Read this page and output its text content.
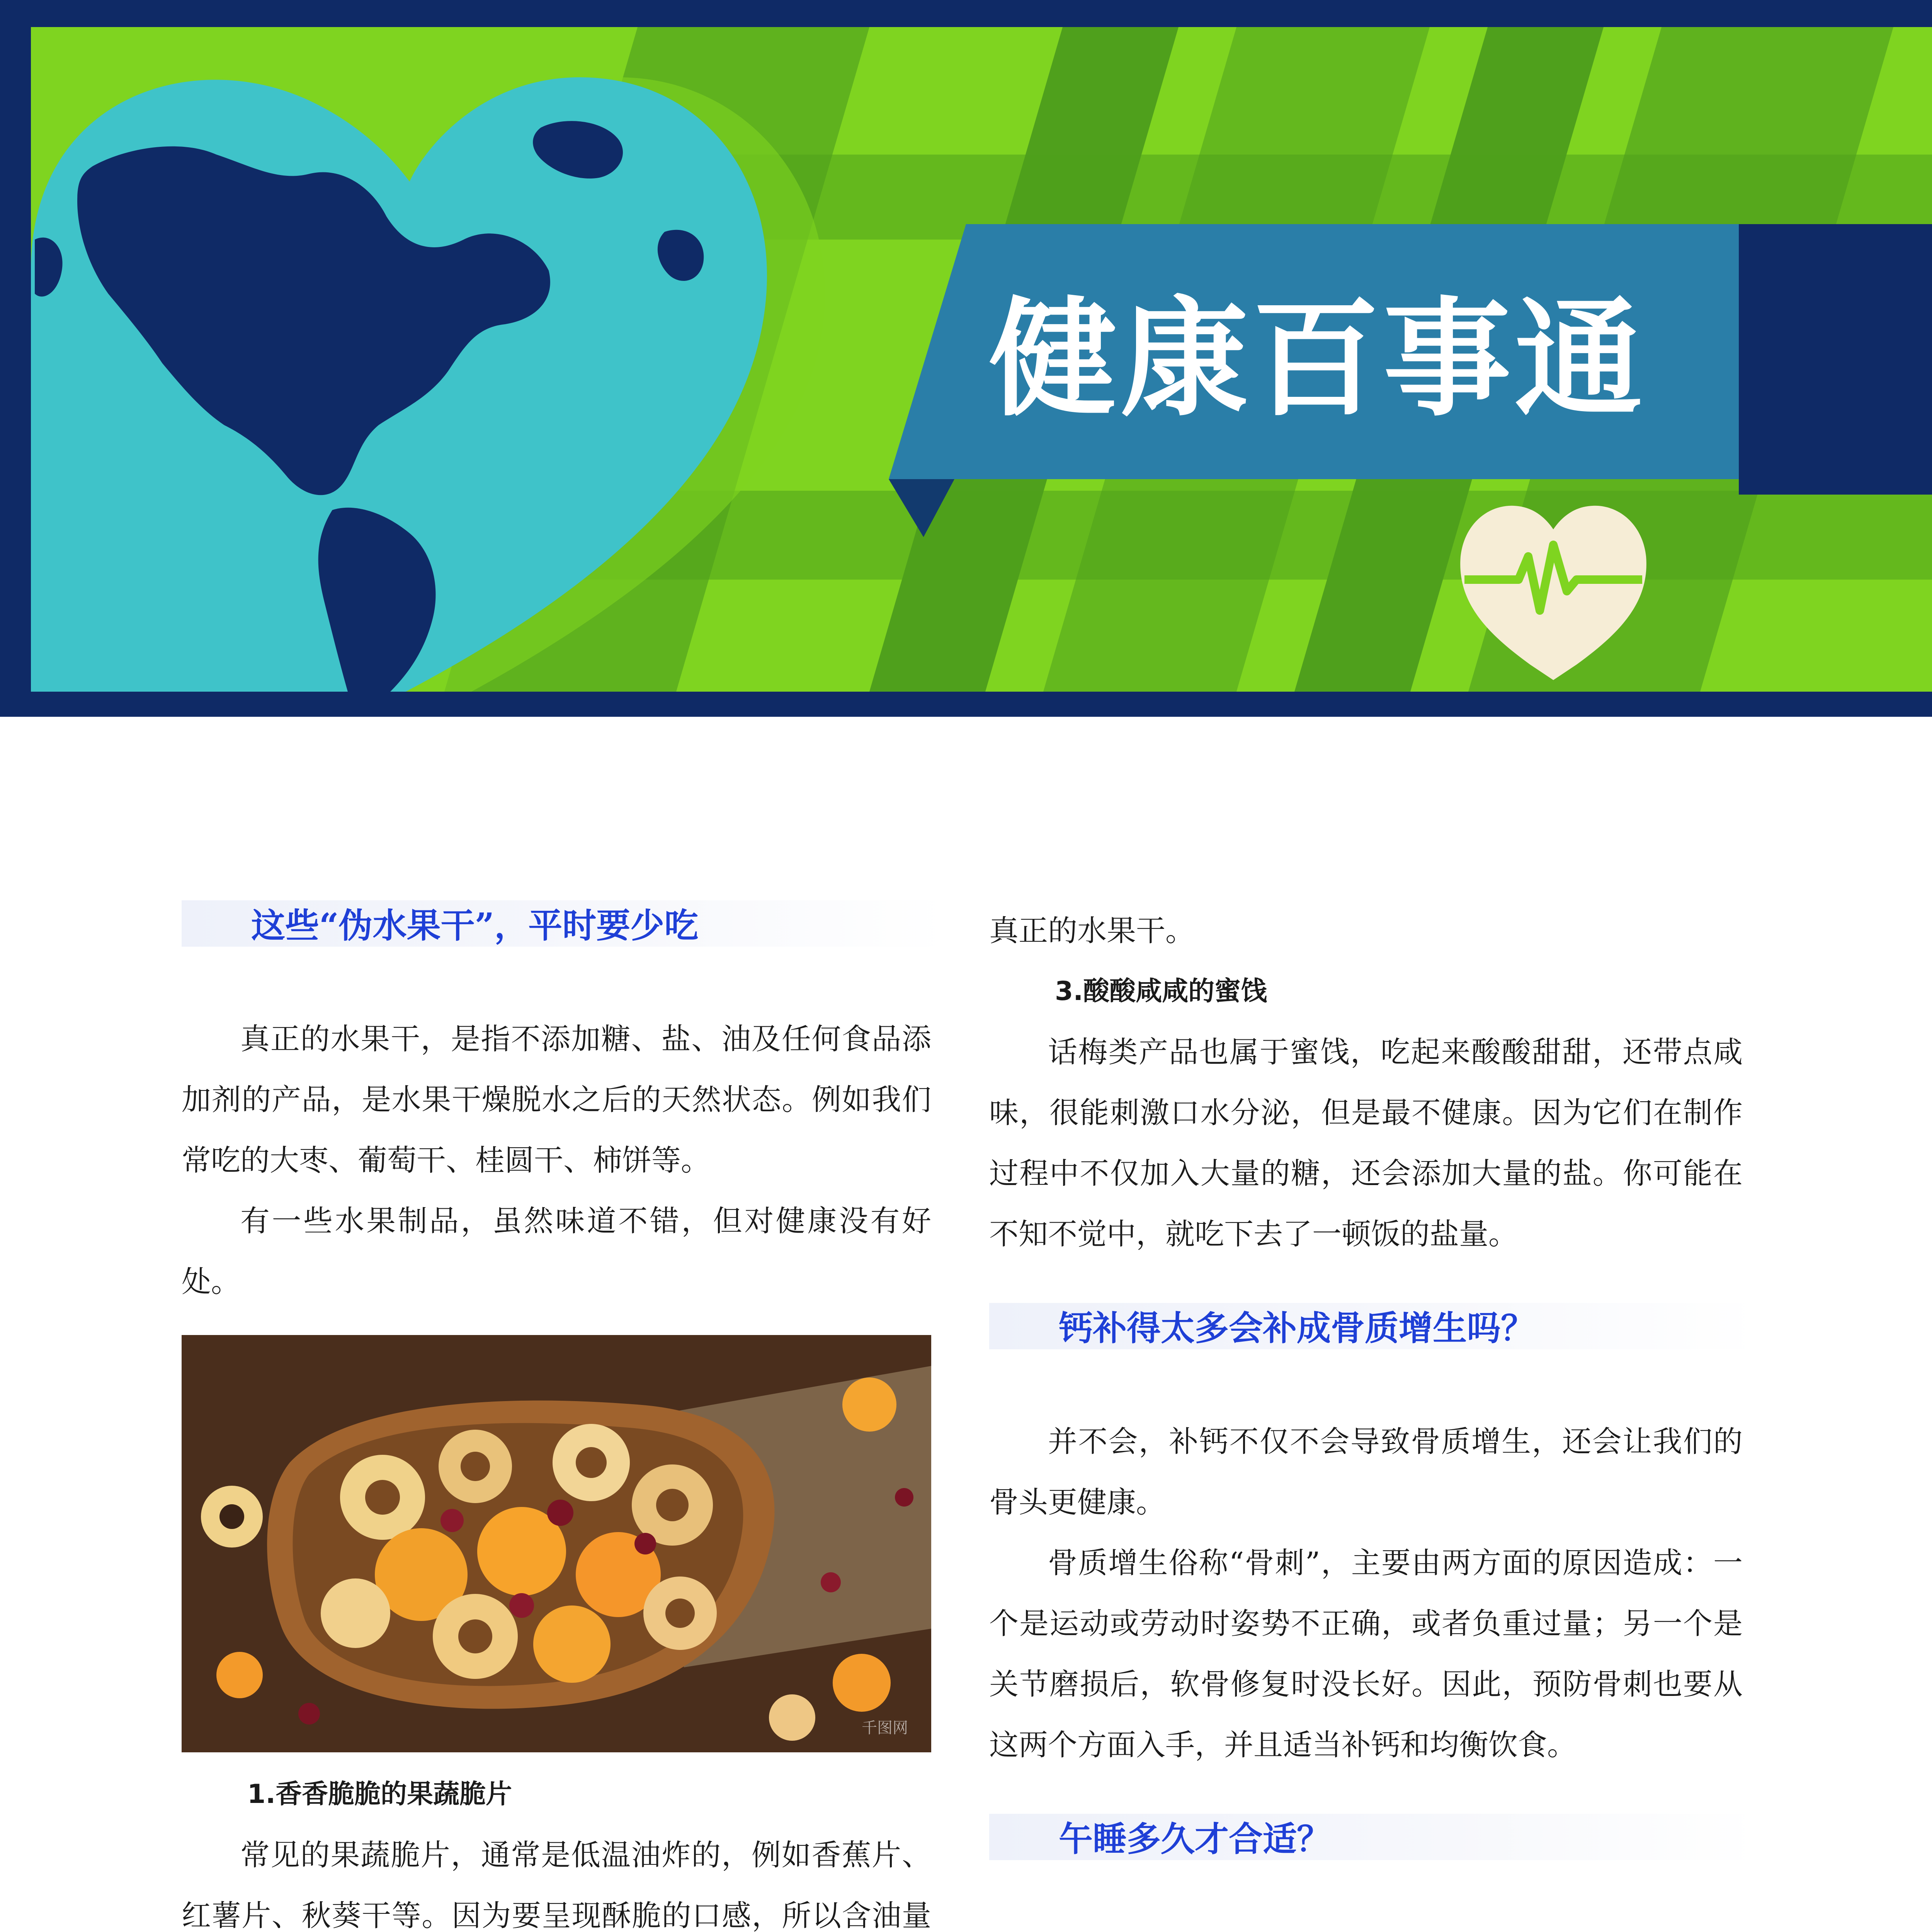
健康百事通
这些“伪水果干”，平时要少吃

真正的水果干，是指不添加糖、盐、油及任何食品添加剂的产品，是水果干燥脱水之后的天然状态。例如我们常吃的大枣、葡萄干、桂圆干、柿饼等。

有一些水果制品，虽然味道不错，但对健康没有好处。

千图网

1.香香脆脆的果蔬脆片

常见的果蔬脆片，通常是低温油炸的，例如香蕉片、红薯片、秋葵干等。因为要呈现酥脆的口感，所以含油量

真正的水果干。

3.酸酸咸咸的蜜饯

话梅类产品也属于蜜饯，吃起来酸酸甜甜，还带点咸味，很能刺激口水分泌，但是最不健康。因为它们在制作过程中不仅加入大量的糖，还会添加大量的盐。你可能在不知不觉中，就吃下去了一顿饭的盐量。

钙补得太多会补成骨质增生吗？

并不会，补钙不仅不会导致骨质增生，还会让我们的骨头更健康。

骨质增生俗称“骨刺”，主要由两方面的原因造成：一个是运动或劳动时姿势不正确，或者负重过量；另一个是关节磨损后，软骨修复时没长好。因此，预防骨刺也要从这两个方面入手，并且适当补钙和均衡饮食。

午睡多久才合适？
